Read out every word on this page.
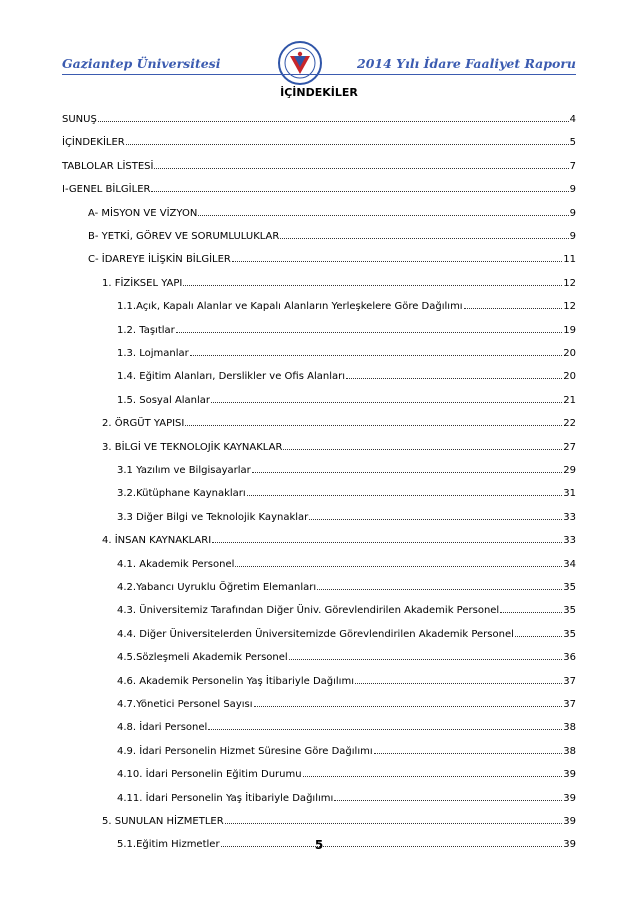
Gaziantep Üniversitesi	2014 Yılı İdare Faaliyet Raporu
İÇİNDEKİLER
SUNUŞ	4
İÇİNDEKİLER	5
TABLOLAR LİSTESİ	7
I-GENEL BİLGİLER	9
A- MİSYON VE VİZYON	9
B- YETKİ, GÖREV VE SORUMLULUKLAR	9
C- İDAREYE İLİŞKİN BİLGİLER	11
1. FİZİKSEL YAPI	12
1.1.Açık, Kapalı Alanlar ve Kapalı Alanların Yerleşkelere Göre Dağılımı	12
1.2. Taşıtlar	19
1.3. Lojmanlar	20
1.4. Eğitim Alanları, Derslikler ve Ofis Alanları	20
1.5. Sosyal Alanlar	21
2. ÖRGÜT YAPISI	22
3. BİLGİ VE TEKNOLOJİK KAYNAKLAR	27
3.1 Yazılım ve Bilgisayarlar	29
3.2.Kütüphane Kaynakları	31
3.3 Diğer Bilgi ve Teknolojik Kaynaklar	33
4. İNSAN KAYNAKLARI	33
4.1. Akademik Personel	34
4.2.Yabancı Uyruklu Öğretim Elemanları	35
4.3. Üniversitemiz Tarafından Diğer Üniv. Görevlendirilen Akademik Personel	35
4.4. Diğer Üniversitelerden Üniversitemizde Görevlendirilen Akademik Personel	35
4.5.Sözleşmeli Akademik Personel	36
4.6. Akademik Personelin Yaş İtibariyle Dağılımı	37
4.7.Yönetici Personel Sayısı	37
4.8. İdari Personel	38
4.9. İdari Personelin Hizmet Süresine Göre Dağılımı	38
4.10. İdari Personelin Eğitim Durumu	39
4.11. İdari Personelin Yaş İtibariyle Dağılımı	39
5. SUNULAN HİZMETLER	39
5.1.Eğitim Hizmetler	39
5
